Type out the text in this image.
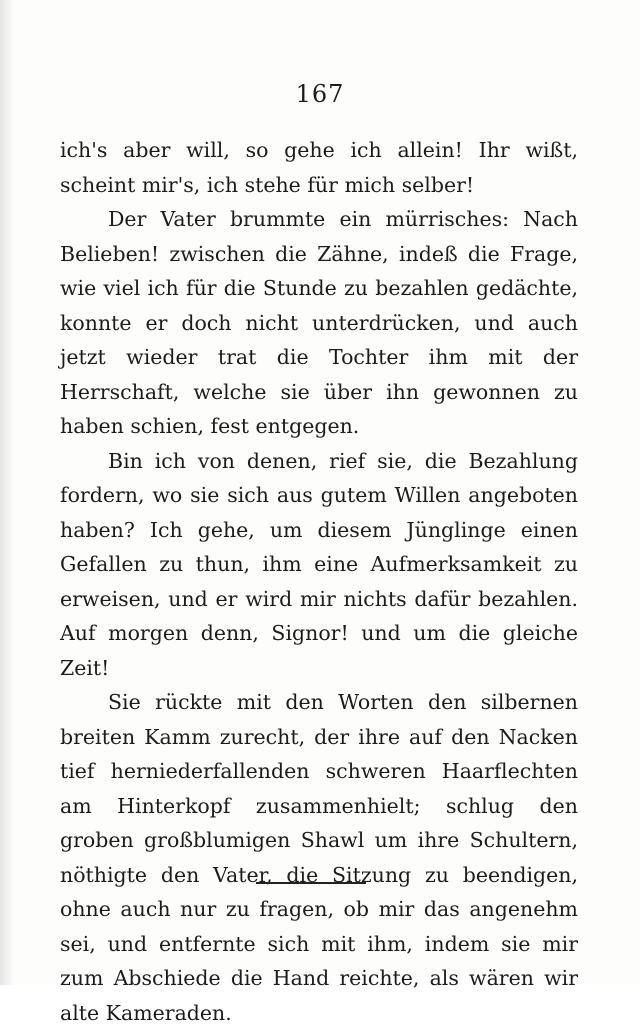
167

ich's aber will, so gehe ich allein! Ihr wißt, scheint mir's, ich stehe für mich selber!

Der Vater brummte ein mürrisches: Nach Belieben! zwischen die Zähne, indeß die Frage, wie viel ich für die Stunde zu bezahlen gedächte, konnte er doch nicht unterdrücken, und auch jetzt wieder trat die Tochter ihm mit der Herrschaft, welche sie über ihn gewonnen zu haben schien, fest entgegen.

Bin ich von denen, rief sie, die Bezahlung fordern, wo sie sich aus gutem Willen angeboten haben? Ich gehe, um diesem Jünglinge einen Gefallen zu thun, ihm eine Aufmerksamkeit zu erweisen, und er wird mir nichts dafür bezahlen. Auf morgen denn, Signor! und um die gleiche Zeit!

Sie rückte mit den Worten den silbernen breiten Kamm zurecht, der ihre auf den Nacken tief herniederfallenden schweren Haarflechten am Hinterkopf zusammenhielt; schlug den groben großblumigen Shawl um ihre Schultern, nöthigte den Vater, die Sitzung zu beendigen, ohne auch nur zu fragen, ob mir das angenehm sei, und entfernte sich mit ihm, indem sie mir zum Abschiede die Hand reichte, als wären wir alte Kameraden.
